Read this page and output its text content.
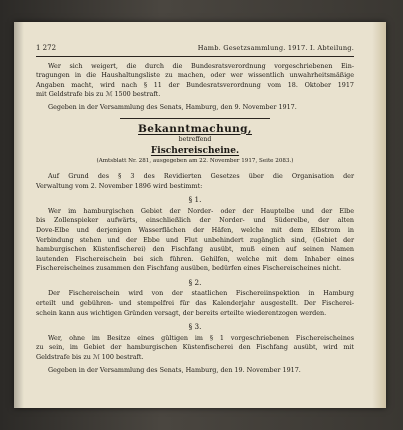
1 272	Hamb. Gesetzsammlung. 1917. I. Abteilung.
Wer sich weigert, die durch die Bundesratsverordnung vorgeschriebenen Ein-
tragungen in die Haushaltungsliste zu machen, oder wer wissentlich unwahrheitsmäßige
Angaben macht, wird nach § 11 der Bundesratsverordnung vom 18. Oktober 1917
mit Geldstrafe bis zu ℳ 1500 bestraft.
Gegeben in der Versammlung des Senats, Hamburg, den 9. November 1917.
Bekanntmachung,
betreffend
Fischereischeine.
(Amtsblatt Nr. 281, ausgegeben am 22. November 1917, Seite 2083.)
Auf Grund des § 3 des Revidierten Gesetzes über die Organisation der
Verwaltung vom 2. November 1896 wird bestimmt:
§ 1.
Wer im hamburgischen Gebiet der Norder- oder der Hauptelbe und der Elbe
bis Zollenspieker aufwärts, einschließlich der Norder- und Süderelbe, der alten
Dove-Elbe und derjenigen Wasserflächen der Häfen, welche mit dem Elbstrom in
Verbindung stehen und der Ebbe und Flut unbehindert zugänglich sind, (Gebiet der
hamburgischen Küstenfischerei) den Fischfang ausübt, muß einen auf seinen Namen
lautenden Fischereischein bei sich führen. Gehilfen, welche mit dem Inhaber eines
Fischereischeines zusammen den Fischfang ausüben, bedürfen eines Fischereischeines nicht.
§ 2.
Der Fischereischein wird von der staatlichen Fischereiinspektion in Hamburg
erteilt und gebühren- und stempelfrei für das Kalenderjahr ausgestellt. Der Fischerei-
schein kann aus wichtigen Gründen versagt, der bereits erteilte wiederentzogen werden.
§ 3.
Wer, ohne im Besitze eines gültigen im § 1 vorgeschriebenen Fischereischeines
zu sein, im Gebiet der hamburgischen Küstenfischerei den Fischfang ausübt, wird mit
Geldstrafe bis zu ℳ 100 bestraft.
Gegeben in der Versammlung des Senats, Hamburg, den 19. November 1917.
